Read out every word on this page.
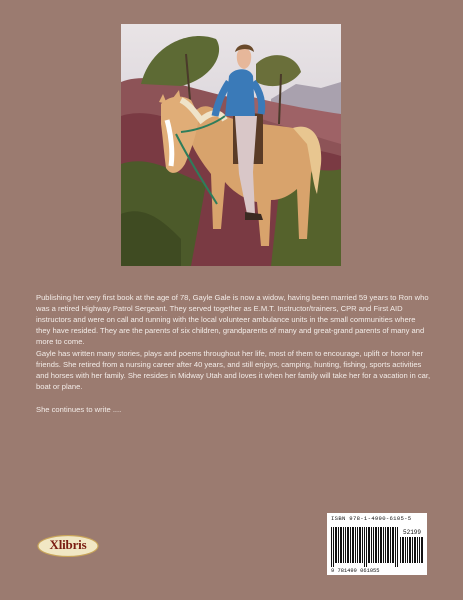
Publishing her very first book at the age of 78, Gayle Gale is now a widow, having been married 59 years to Ron who was a retired Highway Patrol Sergeant. They served together as E.M.T. Instructor/trainers, CPR and First AID instructors and were on call and running with the local volunteer ambulance units in the small communities where they have resided. They are the parents of six children, grandparents of many and great-grand parents of many and more to come.

Gayle has written many stories, plays and poems throughout her life, most of them to encourage, uplift or honor her friends. She retired from a nursing career after 40 years, and still enjoys, camping, hunting, fishing, sports activities and horses with her family. She resides in Midway Utah and loves it when her family will take her for a vacation in car, boat or plane.

She continues to write ....

Xlibris
ISBN 978-1-4990-6105-5
52199
9 781499 061055
